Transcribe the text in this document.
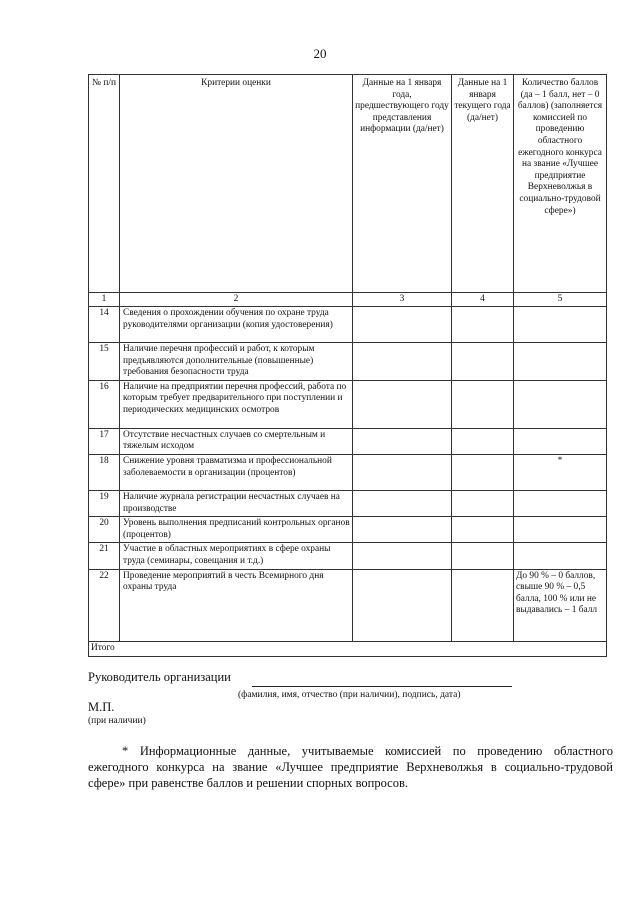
20
№ п/п	Критерии оценки	Данные на 1 января года, предшествующего году представления информации (да/нет)	Данные на 1 января текущего года (да/нет)	Количество баллов (да – 1 балл, нет – 0 баллов) (заполняется комиссией по проведению областного ежегодного конкурса на звание «Лучшее предприятие Верхневолжья в социально-трудовой сфере»)
1	2	3	4	5
14	Сведения о прохождении обучения по охране труда руководителями организации (копия удостоверения)			
15	Наличие перечня профессий и работ, к которым предъявляются дополнительные (повышенные) требования безопасности труда			
16	Наличие на предприятии перечня профессий, работа по которым требует предварительного при поступлении и периодических медицинских осмотров			
17	Отсутствие несчастных случаев со смертельным и тяжелым исходом			
18	Снижение уровня травматизма и профессиональной заболеваемости в организации (процентов)			*
19	Наличие журнала регистрации несчастных случаев на производстве			
20	Уровень выполнения предписаний контрольных органов (процентов)			
21	Участие в областных мероприятиях в сфере охраны труда (семинары, совещания и т.д.)			
22	Проведение мероприятий в честь Всемирного дня охраны труда			До 90 % – 0 баллов, свыше 90 % – 0,5 балла, 100 % или не выдавались – 1 балл
Итого				
Руководитель организации
(фамилия, имя, отчество (при наличии), подпись, дата)
М.П.
(при наличии)
* Информационные данные, учитываемые комиссией по проведению областного ежегодного конкурса на звание «Лучшее предприятие Верхневолжья в социально-трудовой сфере» при равенстве баллов и решении спорных вопросов.
